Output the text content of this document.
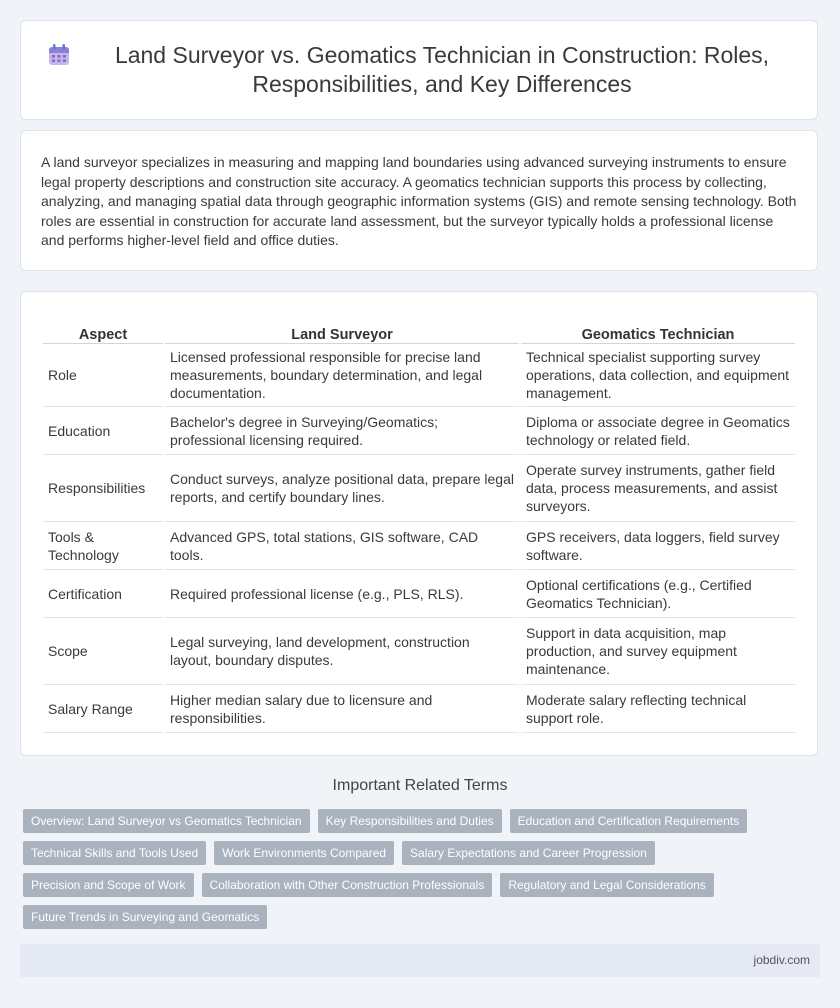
Land Surveyor vs. Geomatics Technician in Construction: Roles, Responsibilities, and Key Differences

A land surveyor specializes in measuring and mapping land boundaries using advanced surveying instruments to ensure legal property descriptions and construction site accuracy. A geomatics technician supports this process by collecting, analyzing, and managing spatial data through geographic information systems (GIS) and remote sensing technology. Both roles are essential in construction for accurate land assessment, but the surveyor typically holds a professional license and performs higher-level field and office duties.

Aspect	Land Surveyor	Geomatics Technician
Role	Licensed professional responsible for precise land measurements, boundary determination, and legal documentation.	Technical specialist supporting survey operations, data collection, and equipment management.
Education	Bachelor's degree in Surveying/Geomatics; professional licensing required.	Diploma or associate degree in Geomatics technology or related field.
Responsibilities	Conduct surveys, analyze positional data, prepare legal reports, and certify boundary lines.	Operate survey instruments, gather field data, process measurements, and assist surveyors.
Tools & Technology	Advanced GPS, total stations, GIS software, CAD tools.	GPS receivers, data loggers, field survey software.
Certification	Required professional license (e.g., PLS, RLS).	Optional certifications (e.g., Certified Geomatics Technician).
Scope	Legal surveying, land development, construction layout, boundary disputes.	Support in data acquisition, map production, and survey equipment maintenance.
Salary Range	Higher median salary due to licensure and responsibilities.	Moderate salary reflecting technical support role.
Important Related Terms
Overview: Land Surveyor vs Geomatics Technician	Key Responsibilities and Duties	Education and Certification Requirements
Technical Skills and Tools Used	Work Environments Compared	Salary Expectations and Career Progression
Precision and Scope of Work	Collaboration with Other Construction Professionals	Regulatory and Legal Considerations
Future Trends in Surveying and Geomatics
jobdiv.com
